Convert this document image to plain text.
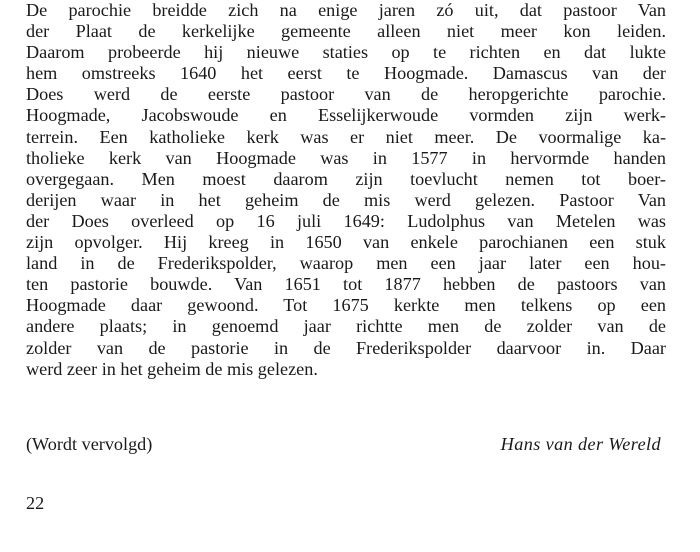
De parochie breidde zich na enige jaren zó uit, dat pastoor Van
der Plaat de kerkelijke gemeente alleen niet meer kon leiden.
Daarom probeerde hij nieuwe staties op te richten en dat lukte
hem omstreeks 1640 het eerst te Hoogmade. Damascus van der
Does werd de eerste pastoor van de heropgerichte parochie.
Hoogmade, Jacobswoude en Esselijkerwoude vormden zijn werk-
terrein. Een katholieke kerk was er niet meer. De voormalige ka-
tholieke kerk van Hoogmade was in 1577 in hervormde handen
overgegaan. Men moest daarom zijn toevlucht nemen tot boer-
derijen waar in het geheim de mis werd gelezen. Pastoor Van
der Does overleed op 16 juli 1649: Ludolphus van Metelen was
zijn opvolger. Hij kreeg in 1650 van enkele parochianen een stuk
land in de Frederikspolder, waarop men een jaar later een hou-
ten pastorie bouwde. Van 1651 tot 1877 hebben de pastoors van
Hoogmade daar gewoond. Tot 1675 kerkte men telkens op een
andere plaats; in genoemd jaar richtte men de zolder van de
zolder van de pastorie in de Frederikspolder daarvoor in. Daar
werd zeer in het geheim de mis gelezen.
(Wordt vervolgd)	Hans van der Wereld
22
